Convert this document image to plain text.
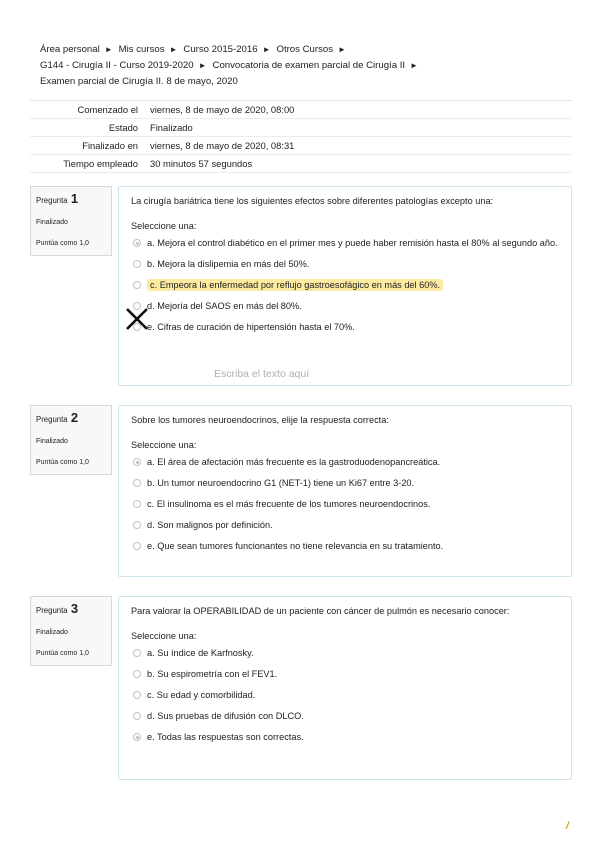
Área personal ► Mis cursos ► Curso 2015-2016 ► Otros Cursos ►
G144 - Cirugía II - Curso 2019-2020 ► Convocatoria de examen parcial de Cirugía II ►
Examen parcial de Cirugía II. 8 de mayo, 2020
Comenzado el	viernes, 8 de mayo de 2020, 08:00
Estado	Finalizado
Finalizado en	viernes, 8 de mayo de 2020, 08:31
Tiempo empleado	30 minutos 57 segundos
Pregunta 1
Finalizado
Puntúa como 1,0
La cirugía bariátrica tiene los siguientes efectos sobre diferentes patologías excepto una:
Seleccione una:
a. Mejora el control diabético en el primer mes y puede haber remisión hasta el 80% al segundo año.
b. Mejora la dislipemia en más del 50%.
c. Empeora la enfermedad por reflujo gastroesofágico en más del 60%.
d. Mejoría del SAOS en más del 80%.
e. Cifras de curación de hipertensión hasta el 70%.
Escriba el texto aquí
Pregunta 2
Finalizado
Puntúa como 1,0
Sobre los tumores neuroendocrinos, elije la respuesta correcta:
Seleccione una:
a. El área de afectación más frecuente es la gastroduodenopancreática.
b. Un tumor neuroendocrino G1 (NET-1) tiene un Ki67 entre 3-20.
c. El insulinoma es el más frecuente de los tumores neuroendocrinos.
d. Son malignos por definición.
e. Que sean tumores funcionantes no tiene relevancia en su tratamiento.
Pregunta 3
Finalizado
Puntúa como 1,0
Para valorar la OPERABILIDAD de un paciente con cáncer de pulmón es necesario conocer:
Seleccione una:
a. Su índice de Karfnosky.
b. Su espirometría con el FEV1.
c. Su edad y comorbilidad.
d. Sus pruebas de difusión con DLCO.
e. Todas las respuestas son correctas.
/
